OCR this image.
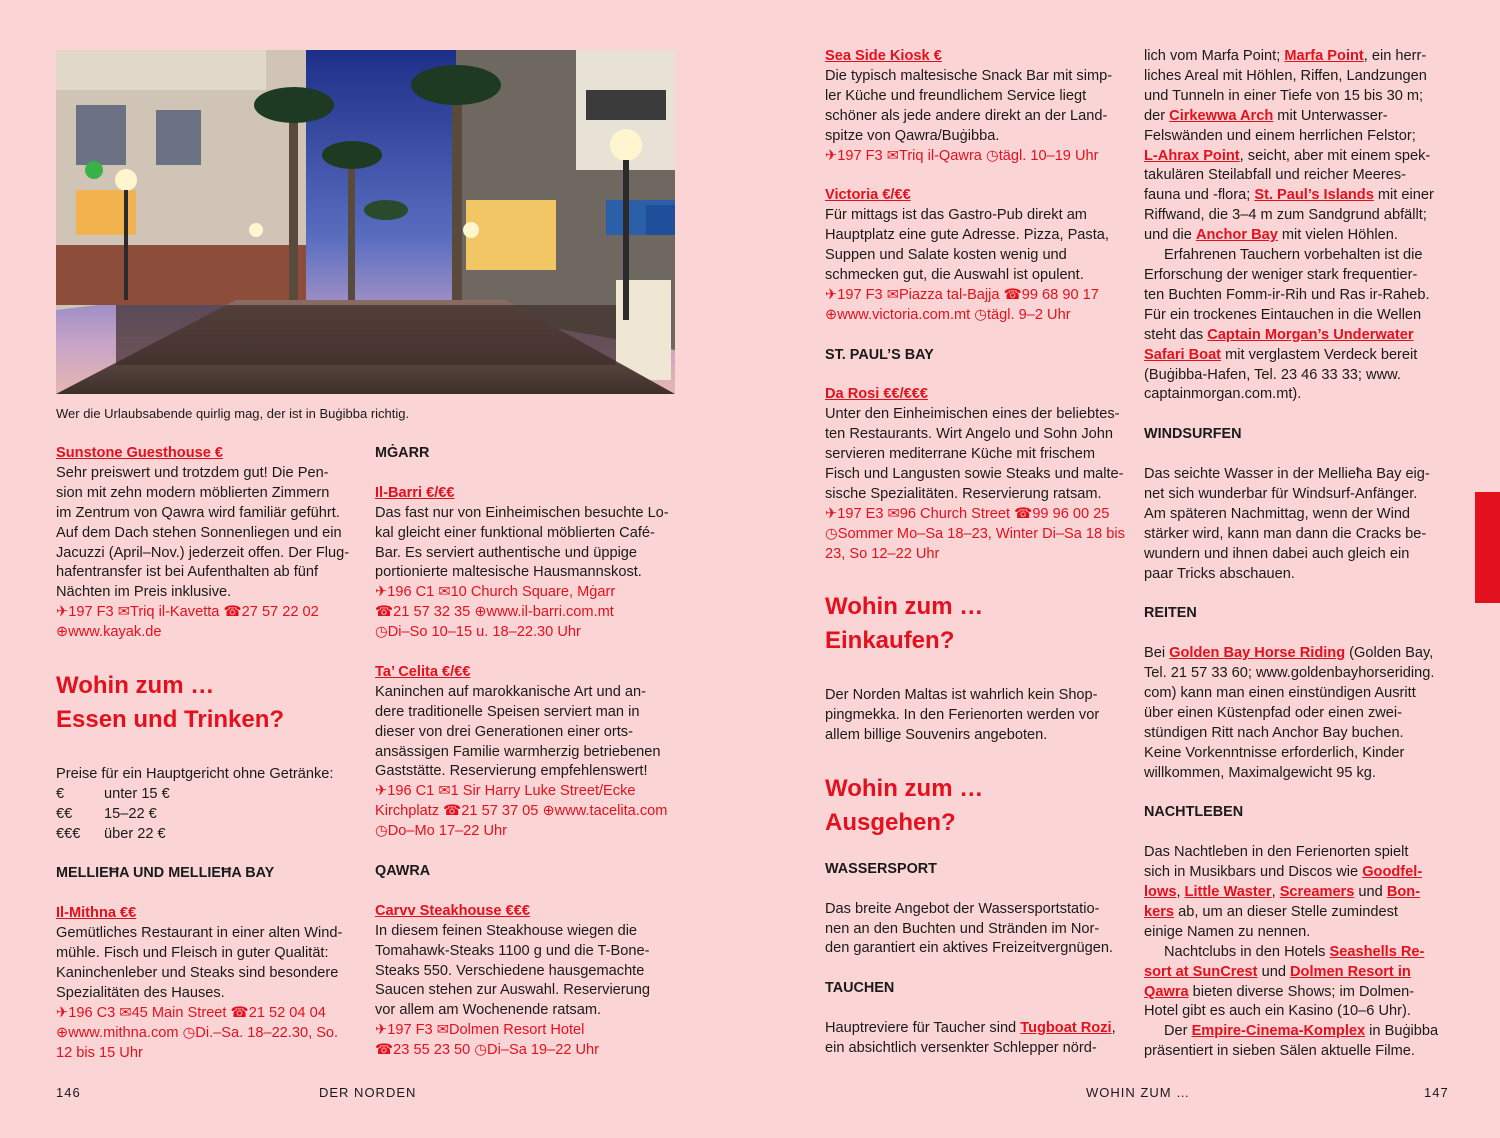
Wer die Urlaubsabende quirlig mag, der ist in Buġibba richtig.

Sunstone Guesthouse €

Sehr preiswert und trotzdem gut! Die Pen-

sion mit zehn modern möblierten Zimmern

im Zentrum von Qawra wird familiär geführt.

Auf dem Dach stehen Sonnenliegen und ein

Jacuzzi (April–Nov.) jederzeit offen. Der Flug-

hafentransfer ist bei Aufenthalten ab fünf

Nächten im Preis inklusive.

✈197 F3 ✉Triq il-Kavetta ☎27 57 22 02

⊕www.kayak.de

Wohin zum …

Essen und Trinken?

Preise für ein Hauptgericht ohne Getränke:

€	unter 15 €

€€ 15–22 €

€€€ über 22 €

MELLIEĦA UND MELLIEĦA BAY

Il-Mithna €€

Gemütliches Restaurant in einer alten Wind-

mühle. Fisch und Fleisch in guter Qualität:

Kaninchenleber und Steaks sind besondere

Spezialitäten des Hauses.

✈196 C3 ✉45 Main Street ☎21 52 04 04

⊕www.mithna.com ◷Di.–Sa. 18–22.30, So.

12 bis 15 Uhr

MĠARR

Il-Barri €/€€

Das fast nur von Einheimischen besuchte Lo-

kal gleicht einer funktional möblierten Café-

Bar. Es serviert authentische und üppige

portionierte maltesische Hausmannskost.

✈196 C1 ✉10 Church Square, Mġarr

☎21 57 32 35 ⊕www.il-barri.com.mt

◷Di–So 10–15 u. 18–22.30 Uhr

Ta’ Celita €/€€

Kaninchen auf marokkanische Art und an-

dere traditionelle Speisen serviert man in

dieser von drei Generationen einer orts-

ansässigen Familie warmherzig betriebenen

Gaststätte. Reservierung empfehlenswert!

✈196 C1 ✉1 Sir Harry Luke Street/Ecke

Kirchplatz ☎21 57 37 05 ⊕www.tacelita.com

◷Do–Mo 17–22 Uhr

QAWRA

Carvv Steakhouse €€€

In diesem feinen Steakhouse wiegen die

Tomahawk-Steaks 1100 g und die T-Bone-

Steaks 550. Verschiedene hausgemachte

Saucen stehen zur Auswahl. Reservierung

vor allem am Wochenende ratsam.

✈197 F3 ✉Dolmen Resort Hotel

☎23 55 23 50 ◷Di–Sa 19–22 Uhr

Sea Side Kiosk €

Die typisch maltesische Snack Bar mit simp-

ler Küche und freundlichem Service liegt

schöner als jede andere direkt an der Land-

spitze von Qawra/Buġibba.

✈197 F3 ✉Triq il-Qawra ◷tägl. 10–19 Uhr

Victoria €/€€

Für mittags ist das Gastro-Pub direkt am

Hauptplatz eine gute Adresse. Pizza, Pasta,

Suppen und Salate kosten wenig und

schmecken gut, die Auswahl ist opulent.

✈197 F3 ✉Piazza tal-Bajja ☎99 68 90 17

⊕www.victoria.com.mt ◷tägl. 9–2 Uhr

ST. PAUL’S BAY

Da Rosi €€/€€€

Unter den Einheimischen eines der beliebtes-

ten Restaurants. Wirt Angelo und Sohn John

servieren mediterrane Küche mit frischem

Fisch und Langusten sowie Steaks und malte-

sische Spezialitäten. Reservierung ratsam.

✈197 E3 ✉96 Church Street ☎99 96 00 25

◷Sommer Mo–Sa 18–23, Winter Di–Sa 18 bis

23, So 12–22 Uhr

Wohin zum …

Einkaufen?

Der Norden Maltas ist wahrlich kein Shop-

pingmekka. In den Ferienorten werden vor

allem billige Souvenirs angeboten.

Wohin zum …

Ausgehen?

WASSERSPORT

Das breite Angebot der Wassersportstatio-

nen an den Buchten und Stränden im Nor-

den garantiert ein aktives Freizeitvergnügen.

TAUCHEN

Hauptreviere für Taucher sind Tugboat Rozi,

ein absichtlich versenkter Schlepper nörd-

lich vom Marfa Point; Marfa Point, ein herr-

liches Areal mit Höhlen, Riffen, Landzungen

und Tunneln in einer Tiefe von 15 bis 30 m;

der Cirkewwa Arch mit Unterwasser-

Felswänden und einem herrlichen Felstor;

L-Ahrax Point, seicht, aber mit einem spek-

takulären Steilabfall und reicher Meeres-

fauna und -flora; St. Paul’s Islands mit einer

Riffwand, die 3–4 m zum Sandgrund abfällt;

und die Anchor Bay mit vielen Höhlen.

Erfahrenen Tauchern vorbehalten ist die

Erforschung der weniger stark frequentier-

ten Buchten Fomm-ir-Rih und Ras ir-Raheb.

Für ein trockenes Eintauchen in die Wellen

steht das Captain Morgan’s Underwater

Safari Boat mit verglastem Verdeck bereit

(Buġibba-Hafen, Tel. 23 46 33 33; www.

captainmorgan.com.mt).

WINDSURFEN

Das seichte Wasser in der Mellieħa Bay eig-

net sich wunderbar für Windsurf-Anfänger.

Am späteren Nachmittag, wenn der Wind

stärker wird, kann man dann die Cracks be-

wundern und ihnen dabei auch gleich ein

paar Tricks abschauen.

REITEN

Bei Golden Bay Horse Riding (Golden Bay,

Tel. 21 57 33 60; www.goldenbayhorseriding.

com) kann man einen einstündigen Ausritt

über einen Küstenpfad oder einen zwei-

stündigen Ritt nach Anchor Bay buchen.

Keine Vorkenntnisse erforderlich, Kinder

willkommen, Maximalgewicht 95 kg.

NACHTLEBEN

Das Nachtleben in den Ferienorten spielt

sich in Musikbars und Discos wie Goodfel-

lows, Little Waster, Screamers und Bon-

kers ab, um an dieser Stelle zumindest

einige Namen zu nennen.

Nachtclubs in den Hotels Seashells Re-

sort at SunCrest und Dolmen Resort in

Qawra bieten diverse Shows; im Dolmen-

Hotel gibt es auch ein Kasino (10–6 Uhr).

Der Empire-Cinema-Komplex in Buġibba

präsentiert in sieben Sälen aktuelle Filme.

146	DER NORDEN	WOHIN ZUM …	147
